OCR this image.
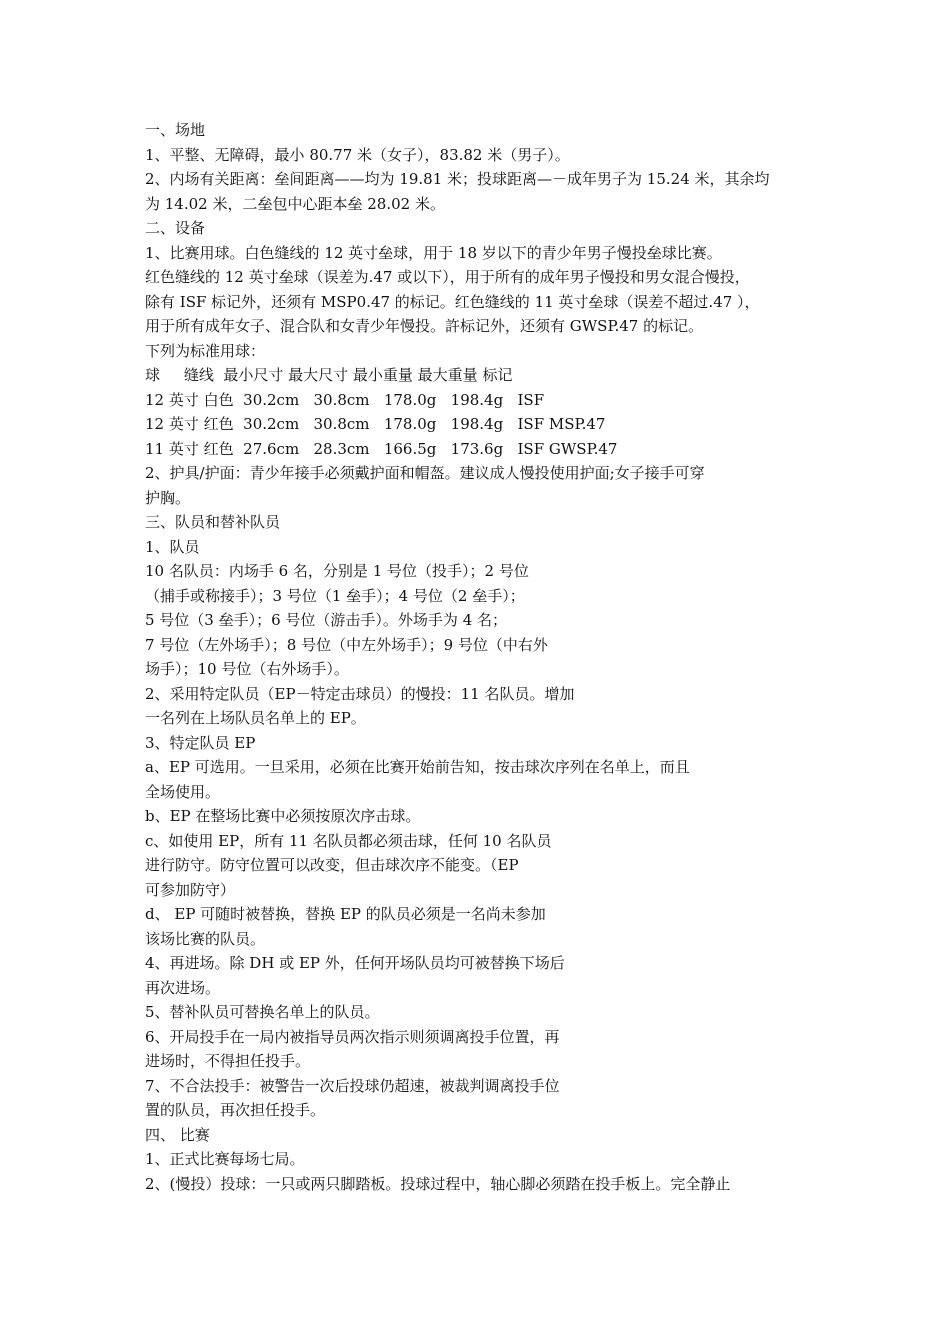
一、场地

1、平整、无障碍，最小 80.77 米（女子），83.82 米（男子）。

2、内场有关距离：垒间距离——均为 19.81 米；投球距离—－成年男子为 15.24 米，其余均

为 14.02 米，二垒包中心距本垒 28.02 米。

二、设备

1、比赛用球。白色缝线的 12 英寸垒球，用于 18 岁以下的青少年男子慢投垒球比赛。

红色缝线的 12 英寸垒球（误差为.47 或以下），用于所有的成年男子慢投和男女混合慢投，

除有 ISF 标记外，还须有 MSP0.47 的标记。红色缝线的 11 英寸垒球（误差不超过.47 ），

用于所有成年女子、混合队和女青少年慢投。許标记外，还须有 GWSP.47 的标记。

下列为标准用球：

球     缝线  最小尺寸 最大尺寸 最小重量 最大重量 标记

12 英寸 白色  30.2cm   30.8cm   178.0g   198.4g   ISF

12 英寸 红色  30.2cm   30.8cm   178.0g   198.4g   ISF MSP.47

11 英寸 红色  27.6cm   28.3cm   166.5g   173.6g   ISF GWSP.47

2、护具/护面：青少年接手必须戴护面和帽盔。建议成人慢投使用护面;女子接手可穿

护胸。

三、队员和替补队员

1、队员

10 名队员：内场手 6 名，分别是 1 号位（投手）；2 号位

（捕手或称接手）；3 号位（1 垒手）；4 号位（2 垒手）；

5 号位（3 垒手）；6 号位（游击手）。外场手为 4 名；

7 号位（左外场手）；8 号位（中左外场手）；9 号位（中右外

场手）；10 号位（右外场手）。

2、采用特定队员（EP－特定击球员）的慢投：11 名队员。增加

一名列在上场队员名单上的 EP。

3、特定队员 EP

a、EP 可选用。一旦采用，必须在比赛开始前告知，按击球次序列在名单上，而且

全场使用。

b、EP 在整场比赛中必须按原次序击球。

c、如使用 EP，所有 11 名队员都必须击球，任何 10 名队员

进行防守。防守位置可以改变，但击球次序不能变。（EP

可参加防守）

d、 EP 可随时被替换，替换 EP 的队员必须是一名尚未参加

该场比赛的队员。

4、再进场。除 DH 或 EP 外，任何开场队员均可被替换下场后

再次进场。

5、替补队员可替换名单上的队员。

6、开局投手在一局内被指导员两次指示则须调离投手位置，再

进场时，不得担任投手。

7、不合法投手：被警告一次后投球仍超速，被裁判调离投手位

置的队员，再次担任投手。

四、 比赛

1、正式比赛每场七局。

2、(慢投）投球：一只或两只脚踏板。投球过程中，轴心脚必须踏在投手板上。完全静止
